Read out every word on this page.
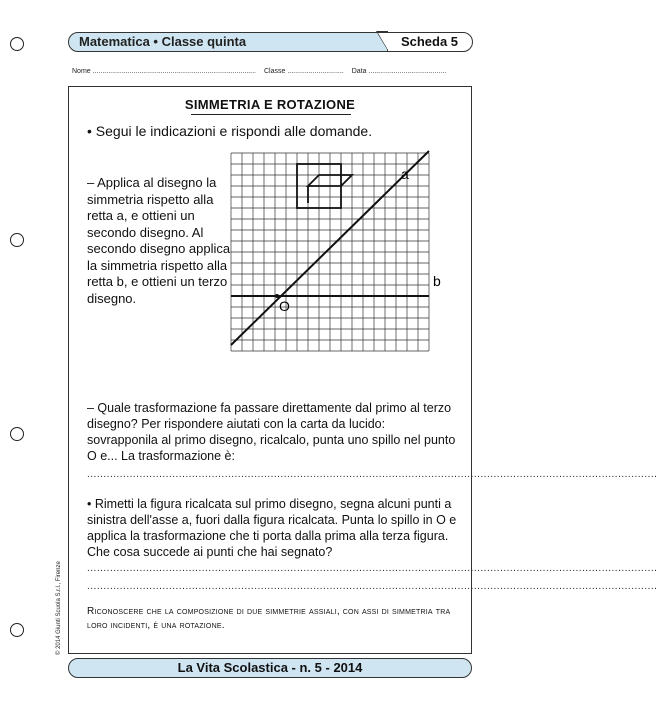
Matematica • Classe quinta	Scheda 5
Nome .................................................................................... Classe ............................. Data ........................................
SIMMETRIA E ROTAZIONE
• Segui le indicazioni e rispondi alle domande.
– Applica al disegno la simmetria rispetto alla retta a, e ottieni un secondo disegno. Al secondo disegno applica la simmetria rispetto alla retta b, e ottieni un terzo disegno.
a
b
O
– Quale trasformazione fa passare direttamente dal primo al terzo disegno? Per rispondere aiutati con la carta da lucido: sovrapponila al primo disegno, ricalcalo, punta uno spillo nel punto O e... La trasformazione è:
..............................................................................................................................................................................
• Rimetti la figura ricalcata sul primo disegno, segna alcuni punti a sinistra dell'asse a, fuori dalla figura ricalcata. Punta lo spillo in O e applica la trasformazione che ti porta dalla prima alla terza figura. Che cosa succede ai punti che hai segnato?
..............................................................................................................................................................................
..............................................................................................................................................................................
Riconoscere che la composizione di due simmetrie assiali, con assi di simmetria tra loro incidenti, è una rotazione.
© 2014 Giunti Scuola S.r.l., Firenze
La Vita Scolastica - n. 5 - 2014
